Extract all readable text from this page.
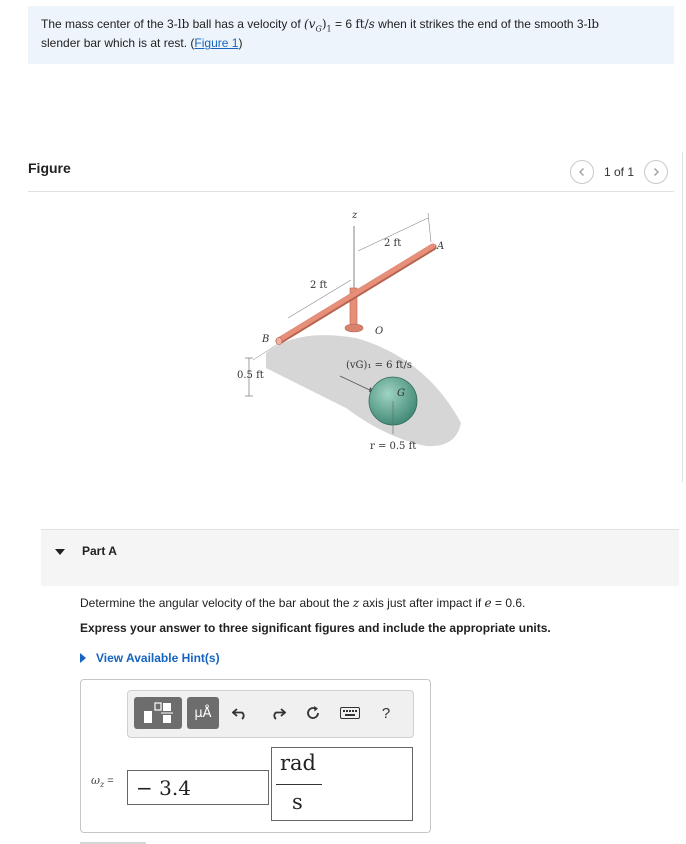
The mass center of the 3-lb ball has a velocity of $(v_G)_1 = 6$ ft/s when it strikes the end of the smooth 3-lb
slender bar which is at rest. (Figure 1)
Figure	1 of 1
z
2 ft	A
2 ft
B
O
(vG)₁ = 6 ft/s
0.5 ft
G
r = 0.5 ft
Part A
Determine the angular velocity of the bar about the z axis just after impact if e = 0.6.
Express your answer to three significant figures and include the appropriate units.
View Available Hint(s)
μÅ	?
$\omega_z$ =	− 3.4
rad
s
